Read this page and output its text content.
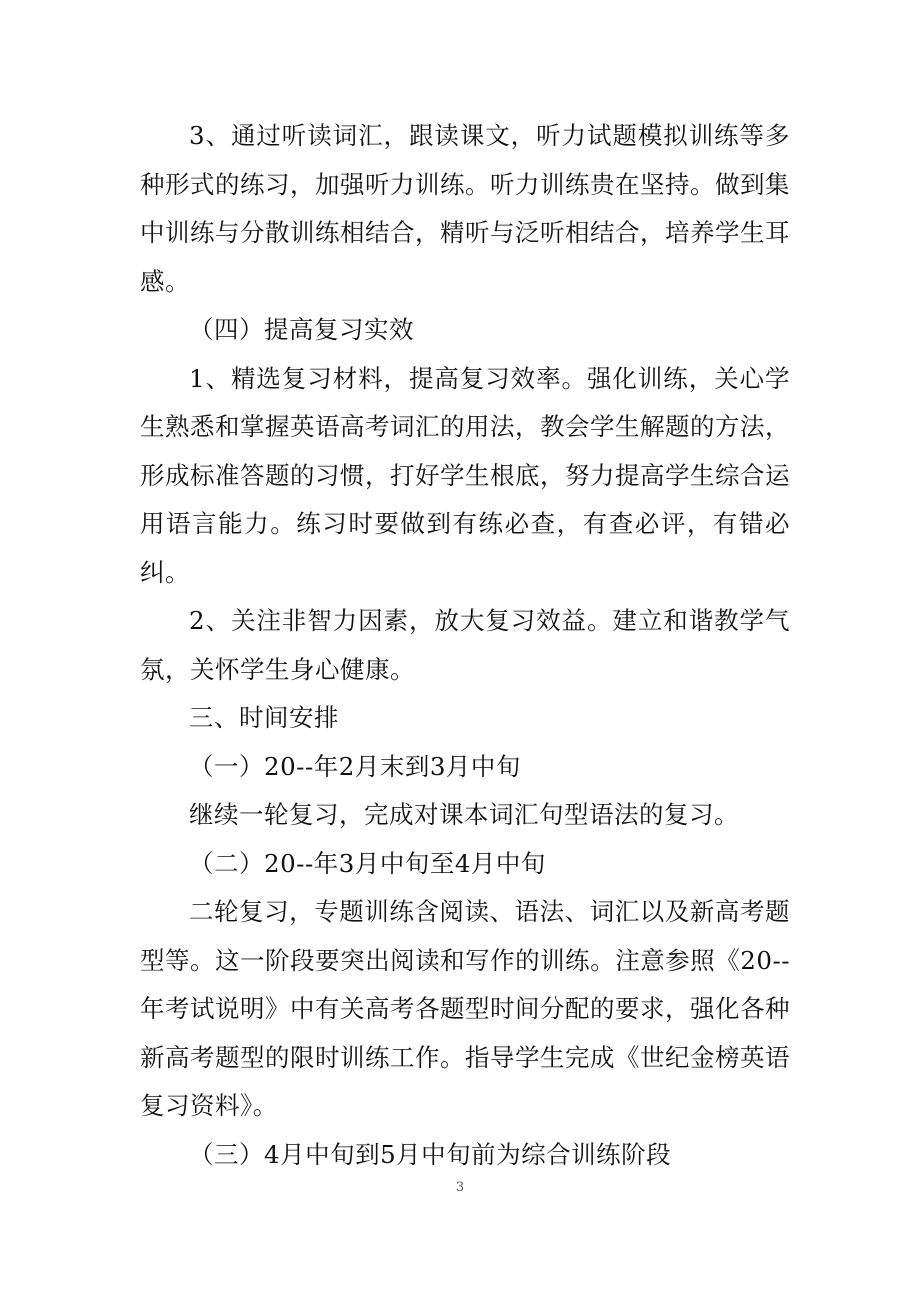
3、通过听读词汇，跟读课文，听力试题模拟训练等多种形式的练习，加强听力训练。听力训练贵在坚持。做到集中训练与分散训练相结合，精听与泛听相结合，培养学生耳感。

（四）提高复习实效

1、精选复习材料，提高复习效率。强化训练，关心学生熟悉和掌握英语高考词汇的用法，教会学生解题的方法，形成标准答题的习惯，打好学生根底，努力提高学生综合运用语言能力。练习时要做到有练必查，有查必评，有错必纠。

2、关注非智力因素，放大复习效益。建立和谐教学气氛，关怀学生身心健康。

三、时间安排

（一）20--年2月末到3月中旬

继续一轮复习，完成对课本词汇句型语法的复习。

（二）20--年3月中旬至4月中旬

二轮复习，专题训练含阅读、语法、词汇以及新高考题型等。这一阶段要突出阅读和写作的训练。注意参照《20--年考试说明》中有关高考各题型时间分配的要求，强化各种新高考题型的限时训练工作。指导学生完成《世纪金榜英语复习资料》。

（三）4月中旬到5月中旬前为综合训练阶段

3
